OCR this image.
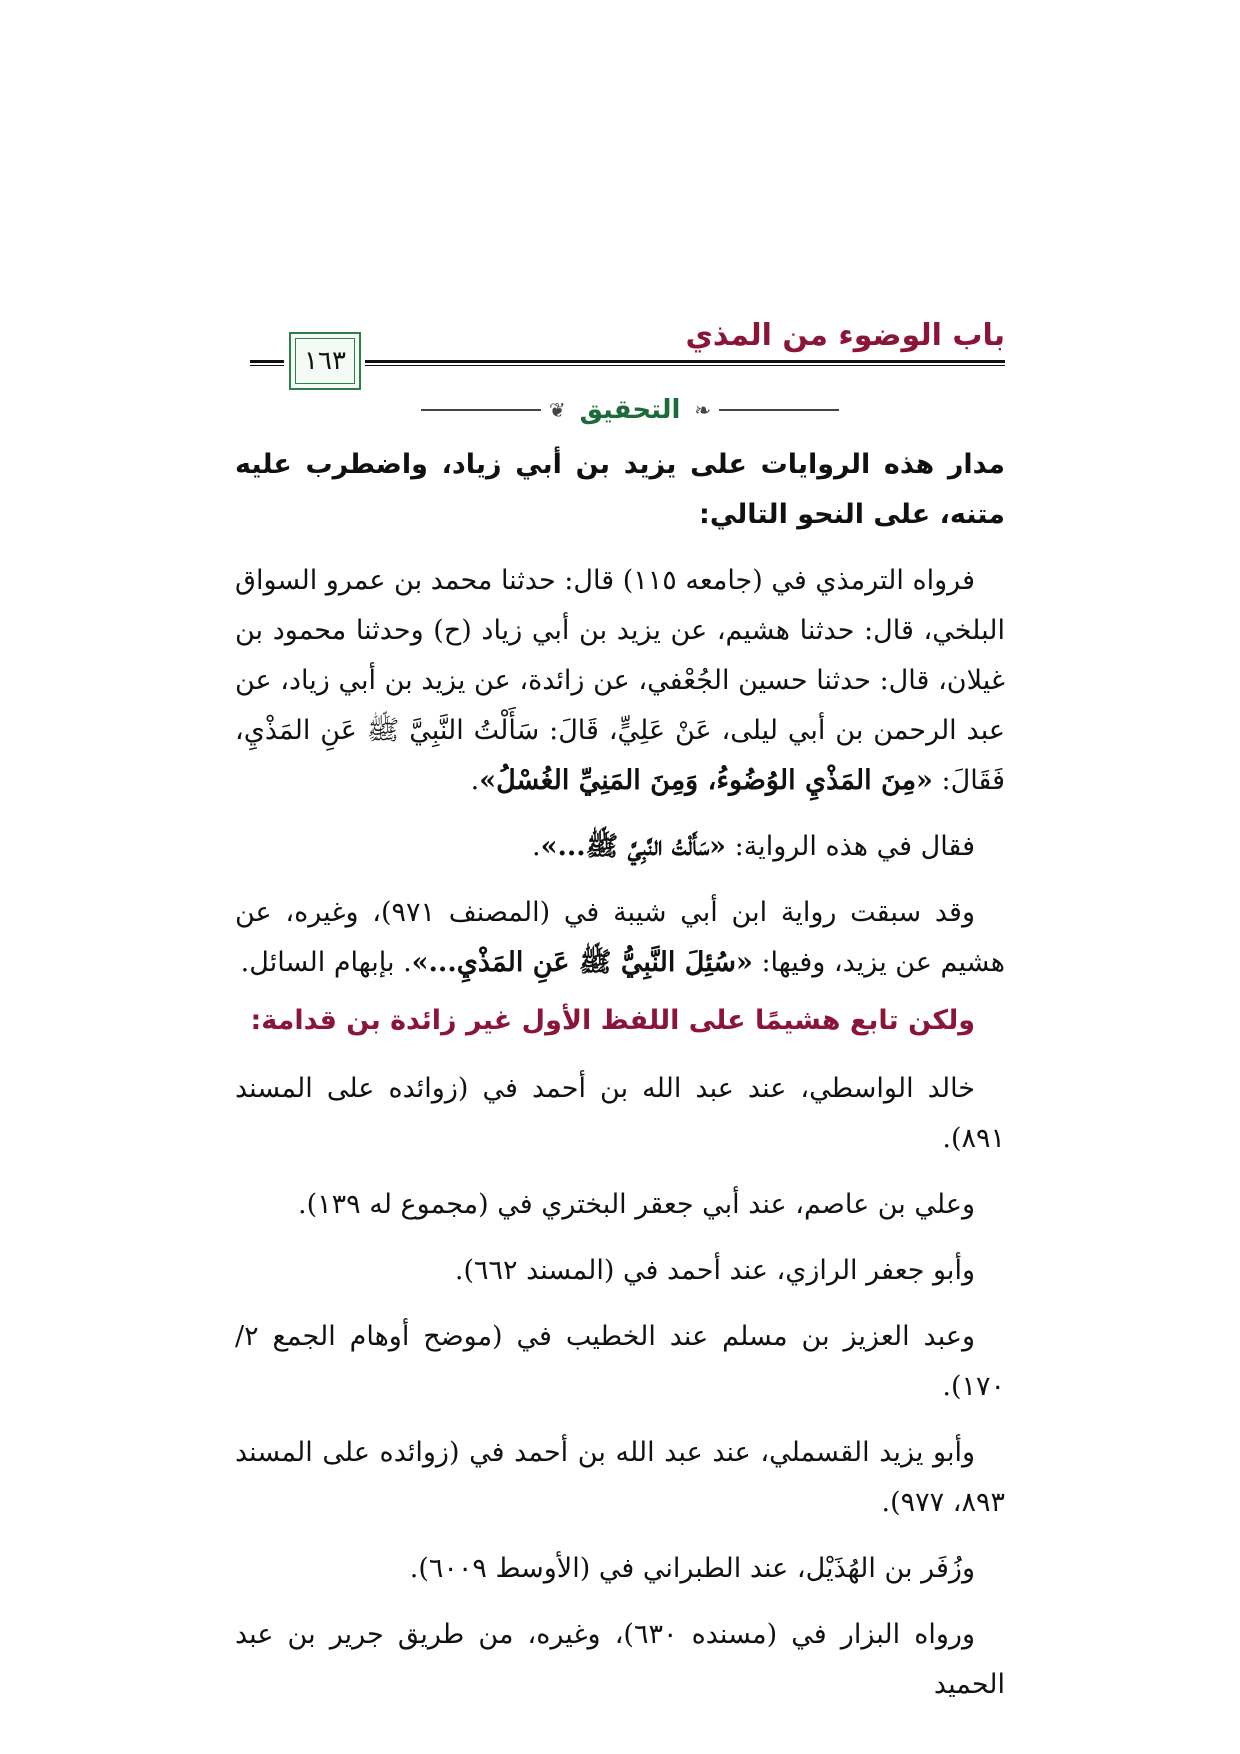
باب الوضوء من المذي
١٦٣
❦ التحقيق ❧

مدار هذه الروايات على يزيد بن أبي زياد، واضطرب عليه متنه، على النحو التالي:

فرواه الترمذي في (جامعه ١١٥) قال: حدثنا محمد بن عمرو السواق البلخي، قال: حدثنا هشيم، عن يزيد بن أبي زياد (ح) وحدثنا محمود بن غيلان، قال: حدثنا حسين الجُعْفي، عن زائدة، عن يزيد بن أبي زياد، عن عبد الرحمن بن أبي ليلى، عَنْ عَلِيٍّ، قَالَ: سَأَلْتُ النَّبِيَّ ﷺ عَنِ المَذْيِ، فَقَالَ: «مِنَ المَذْيِ الوُضُوءُ، وَمِنَ المَنِيِّ الغُسْلُ».

فقال في هذه الرواية: «سَأَلْتُ النَّبِيَّ ﷺ...».

وقد سبقت رواية ابن أبي شيبة في (المصنف ٩٧١)، وغيره، عن هشيم عن يزيد، وفيها: «سُئِلَ النَّبِيُّ ﷺ عَنِ المَذْيِ...». بإبهام السائل.

ولكن تابع هشيمًا على اللفظ الأول غير زائدة بن قدامة:

خالد الواسطي، عند عبد الله بن أحمد في (زوائده على المسند ٨٩١).

وعلي بن عاصم، عند أبي جعقر البختري في (مجموع له ١٣٩).

وأبو جعفر الرازي، عند أحمد في (المسند ٦٦٢).

وعبد العزيز بن مسلم عند الخطيب في (موضح أوهام الجمع ٢/ ١٧٠).

وأبو يزيد القسملي، عند عبد الله بن أحمد في (زوائده على المسند ٨٩٣، ٩٧٧).

وزُفَر بن الهُذَيْل، عند الطبراني في (الأوسط ٦٠٠٩).

ورواه البزار في (مسنده ٦٣٠)، وغيره، من طريق جرير بن عبد الحميد
